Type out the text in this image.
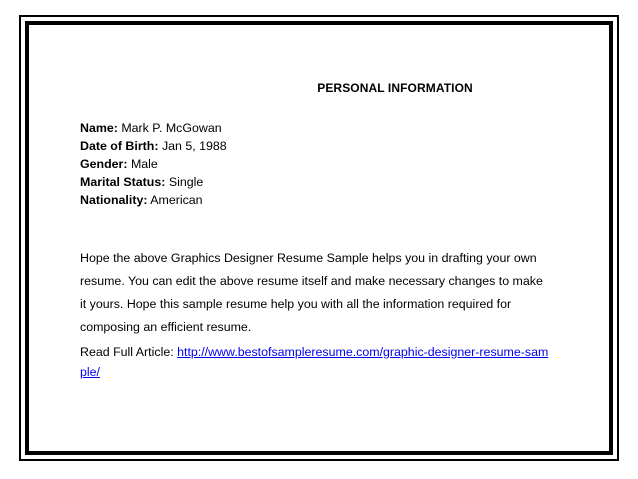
PERSONAL INFORMATION
Name: Mark P. McGowan
Date of Birth: Jan 5, 1988
Gender: Male
Marital Status: Single
Nationality: American

Hope the above Graphics Designer Resume Sample helps you in drafting your own resume. You can edit the above resume itself and make necessary changes to make it yours. Hope this sample resume help you with all the information required for composing an efficient resume.

Read Full Article: http://www.bestofsampleresume.com/graphic-designer-resume-sample/
